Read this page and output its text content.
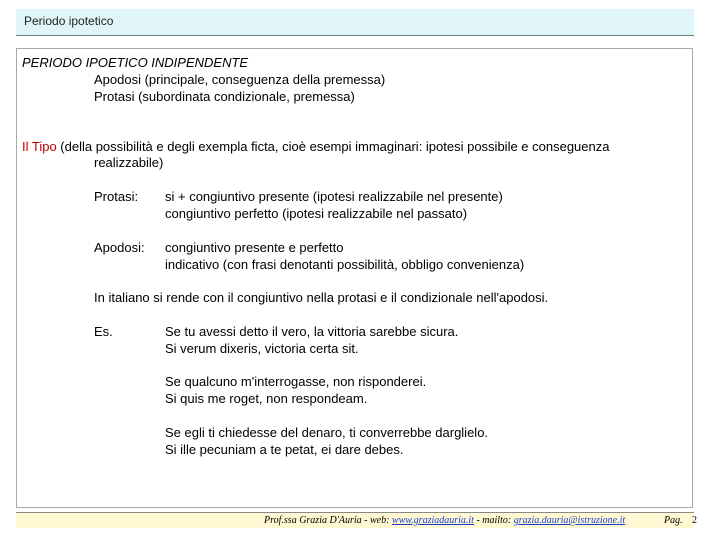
Periodo ipotetico
PERIODO IPOETICO INDIPENDENTE
Apodosi (principale, conseguenza della premessa)
Protasi (subordinata condizionale, premessa)
Il Tipo (della possibilità e degli exempla ficta, cioè esempi immaginari: ipotesi possibile e conseguenza
realizzabile)
Protasi: si + congiuntivo presente (ipotesi realizzabile nel presente)
congiuntivo perfetto (ipotesi realizzabile nel passato)
Apodosi: congiuntivo presente e perfetto
indicativo (con frasi denotanti possibilità, obbligo convenienza)
In italiano si rende con il congiuntivo nella protasi e il condizionale nell'apodosi.
Es.	Se tu avessi detto il vero, la vittoria sarebbe sicura.
Si verum dixeris, victoria certa sit.
Se qualcuno m'interrogasse, non risponderei.
Si quis me roget, non respondeam.
Se egli ti chiedesse del denaro, ti converrebbe darglielo.
Si ille pecuniam a te petat, ei dare debes.
Prof.ssa Grazia D'Auria - web: www.graziadauria.it - mailto: grazia.dauria@istruzione.it	Pag. 2
